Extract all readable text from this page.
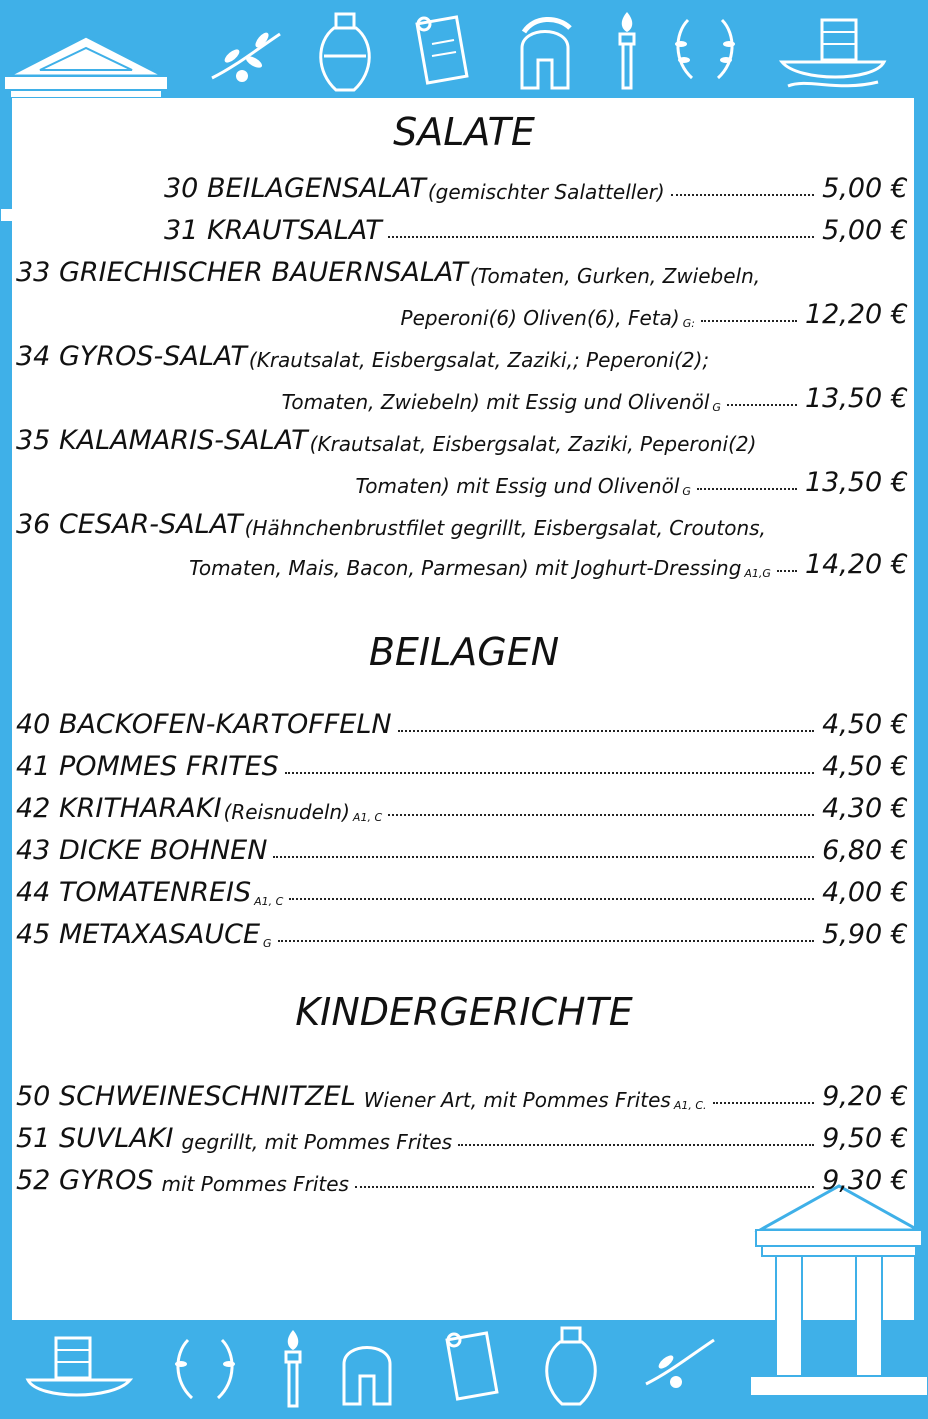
SALATE
30 BEILAGENSALAT (gemischter Salatteller)	5,00 €
31 KRAUTSALAT	5,00 €
33 GRIECHISCHER BAUERNSALAT (Tomaten, Gurken, Zwiebeln,
Peperoni(6) Oliven(6), Feta) G:	12,20 €
34 GYROS-SALAT (Krautsalat, Eisbergsalat, Zaziki,; Peperoni(2);
Tomaten, Zwiebeln) mit Essig und Olivenöl G	13,50 €
35 KALAMARIS-SALAT (Krautsalat, Eisbergsalat, Zaziki, Peperoni(2)
Tomaten) mit Essig und Olivenöl G	13,50 €
36 CESAR-SALAT (Hähnchenbrustfilet gegrillt, Eisbergsalat, Croutons,
Tomaten, Mais, Bacon, Parmesan) mit Joghurt-Dressing A1,G 14,20 €
BEILAGEN
40 BACKOFEN-KARTOFFELN	4,50 €
41 POMMES FRITES	4,50 €
42 KRITHARAKI (Reisnudeln) A1, C	4,30 €
43 DICKE BOHNEN	6,80 €
44 TOMATENREIS A1, C	4,00 €
45 METAXASAUCE G	5,90 €
KINDERGERICHTE
50 SCHWEINESCHNITZEL Wiener Art, mit Pommes Frites A1, C.	9,20 €
51 SUVLAKI gegrillt, mit Pommes Frites	9,50 €
52 GYROS mit Pommes Frites	9,30 €
